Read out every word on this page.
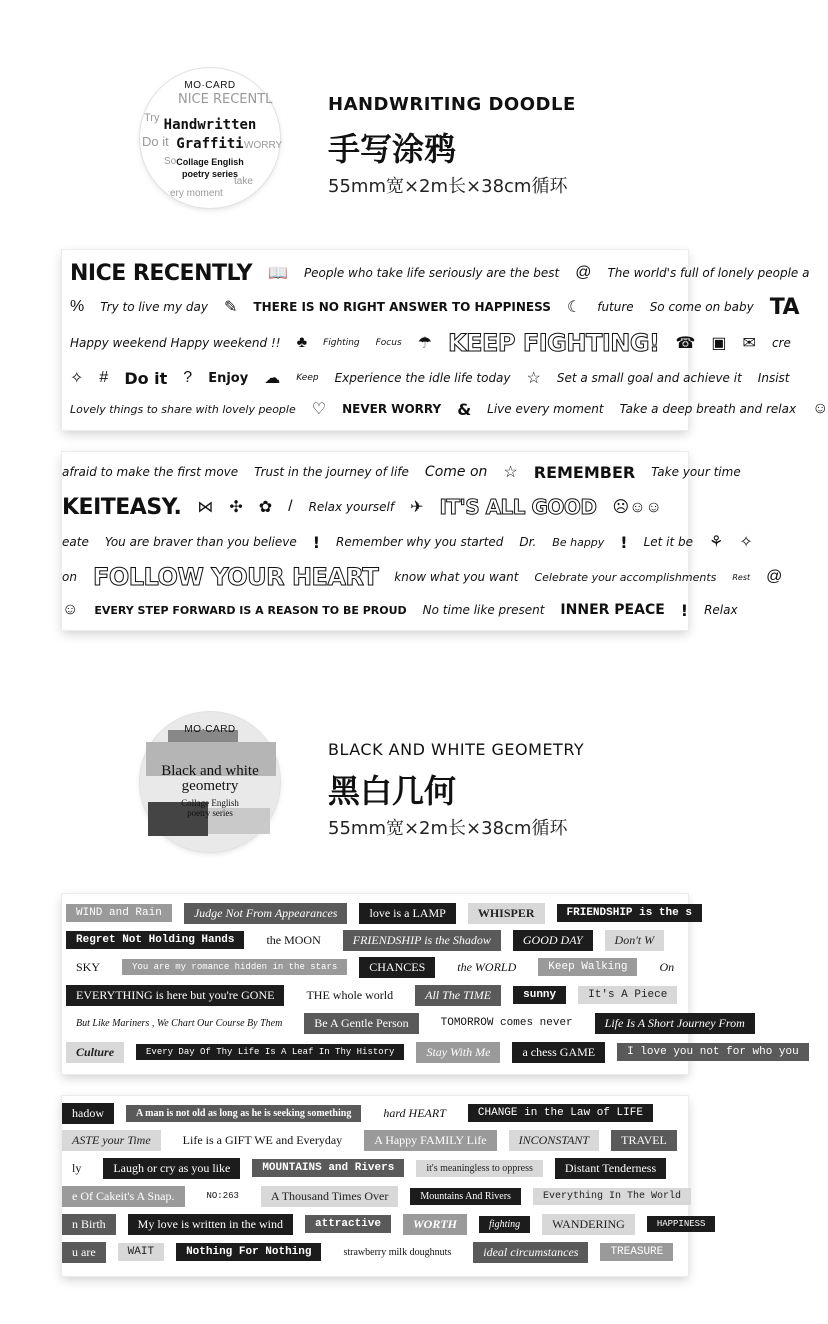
MO·CARD
NICE RECENTL
Try
Do it
So
WORRY
take
ery moment
Handwritten
Graffiti
Collage English
poetry series
HANDWRITING DOODLE
手写涂鸦
55mm宽×2m长×38cm循环
NICE RECENTLY 📖 People who take life seriously are the best @ The world's full of lonely people a
% Try to live my day ✎ THERE IS NO RIGHT ANSWER TO HAPPINESS ☾ future So come on baby TA
Happy weekend Happy weekend !! ♣ Fighting Focus ☂ KEEP FIGHTING! ☎ ▣ ✉ cre
✧ # Do it ? Enjoy ☁ Keep Experience the idle life today ☆ Set a small goal and achieve it Insist
Lovely things to share with lovely people ♡ NEVER WORRY & Live every moment Take a deep breath and relax ☺
afraid to make the first move Trust in the journey of life Come on ☆ REMEMBER Take your time
KEITEASY. ⋈ ✣ ✿ / Relax yourself ✈ IT'S ALL GOOD ☹☺☺
eate You are braver than you believe ! Remember why you started Dr. Be happy ! Let it be ⚘ ✧
on FOLLOW YOUR HEART know what you want Celebrate your accomplishments Rest @
☺ EVERY STEP FORWARD IS A REASON TO BE PROUD No time like present INNER PEACE ! Relax
MO·CARD
Black and white
geometry
Collage English
poetry series
BLACK AND WHITE GEOMETRY
黑白几何
55mm宽×2m长×38cm循环
WIND and Rain	Judge Not From Appearances	love is a LAMP	WHISPER	FRIENDSHIP is the s
Regret Not Holding Hands	the MOON	FRIENDSHIP is the Shadow	GOOD DAY	Don't W
SKY	You are my romance hidden in the stars	CHANCES	the WORLD	Keep Walking	On
EVERYTHING is here but you're GONE	THE whole world	All The TIME	sunny	It's A Piece
But Like Mariners , We Chart Our Course By Them	Be A Gentle Person	TOMORROW comes never	Life Is A Short Journey From
Culture	Every Day Of Thy Life Is A Leaf In Thy History	Stay With Me	a chess GAME	I love you not for who you
hadow	A man is not old as long as he is seeking something	hard HEART	CHANGE in the Law of LIFE
ASTE your Time	Life is a GIFT WE and Everyday	A Happy FAMILY Life	INCONSTANT	TRAVEL
ly	Laugh or cry as you like	MOUNTAINS and Rivers	it's meaningless to oppress	Distant Tenderness
e Of Cakeit's A Snap.	NO:263	A Thousand Times Over	Mountains And Rivers	Everything In The World
n Birth	My love is written in the wind	attractive	WORTH	fighting	WANDERING	HAPPINESS
u are	WAIT	Nothing For Nothing	strawberry milk doughnuts	ideal circumstances	TREASURE
